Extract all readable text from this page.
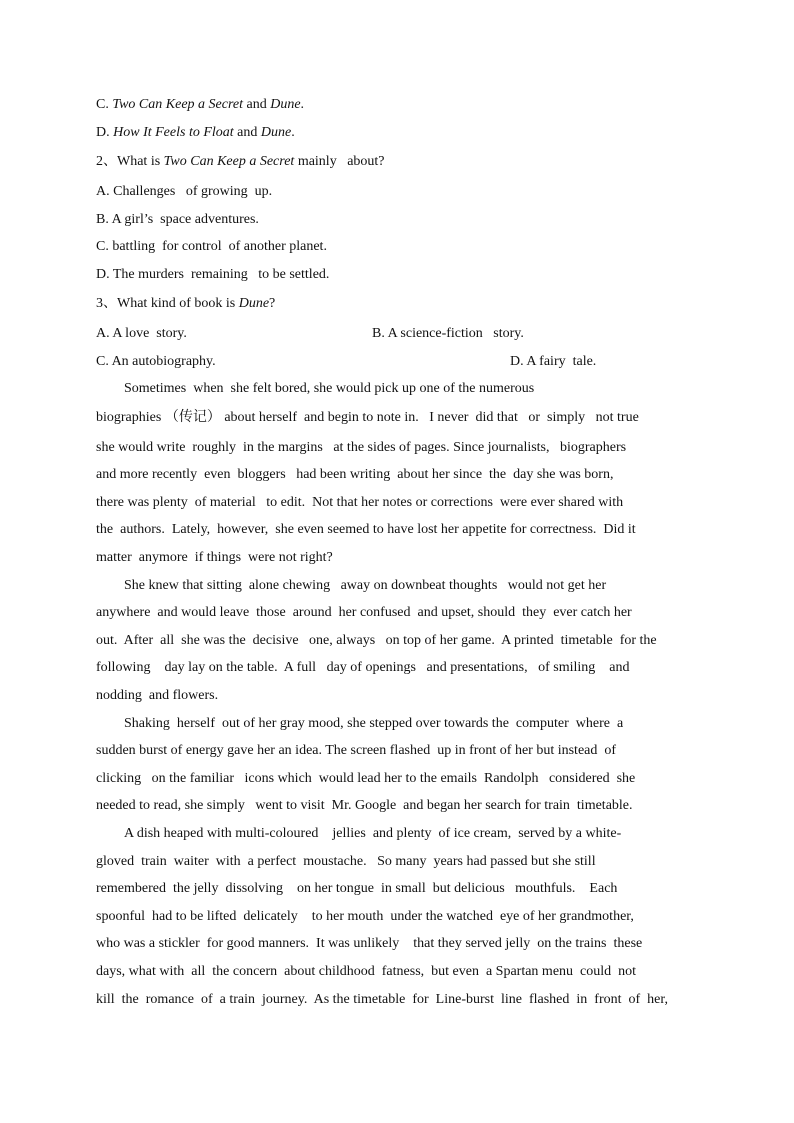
C. Two Can Keep a Secret and Dune.
D. How It Feels to Float and Dune.
2、What is Two Can Keep a Secret mainly   about?
A. Challenges   of growing  up.
B. A girl’s  space adventures.
C. battling  for control  of another planet.
D. The murders  remaining   to be settled.
3、What kind of book is Dune?
A. A love  story.	B. A science-fiction   story.
C. An autobiography.	D. A fairy  tale.
Sometimes  when  she felt bored, she would pick up one of the numerous
biographies （传记） about herself  and begin to note in.   I never  did that   or  simply   not true
she would write  roughly  in the margins   at the sides of pages. Since journalists,   biographers
and more recently  even  bloggers   had been writing  about her since  the  day she was born,
there was plenty  of material   to edit.  Not that her notes or corrections  were ever shared with
the  authors.  Lately,  however,  she even seemed to have lost her appetite for correctness.  Did it
matter  anymore  if things  were not right?
She knew that sitting  alone chewing   away on downbeat thoughts   would not get her
anywhere  and would leave  those  around  her confused  and upset, should  they  ever catch her
out.  After  all  she was the  decisive   one, always   on top of her game.  A printed  timetable  for the
following    day lay on the table.  A full   day of openings   and presentations,   of smiling    and
nodding  and flowers.
Shaking  herself  out of her gray mood, she stepped over towards the  computer  where  a
sudden burst of energy gave her an idea. The screen flashed  up in front of her but instead  of
clicking   on the familiar   icons which  would lead her to the emails  Randolph   considered  she
needed to read, she simply   went to visit  Mr. Google  and began her search for train  timetable.
A dish heaped with multi-coloured    jellies  and plenty  of ice cream,  served by a white-
gloved  train  waiter  with  a perfect  moustache.   So many  years had passed but she still
remembered  the jelly  dissolving    on her tongue  in small  but delicious   mouthfuls.    Each
spoonful  had to be lifted  delicately    to her mouth  under the watched  eye of her grandmother,
who was a stickler  for good manners.  It was unlikely    that they served jelly  on the trains  these
days, what with  all  the concern  about childhood  fatness,  but even  a Spartan menu  could  not
kill  the  romance  of  a train  journey.  As the timetable  for  Line-burst  line  flashed  in  front  of  her,
